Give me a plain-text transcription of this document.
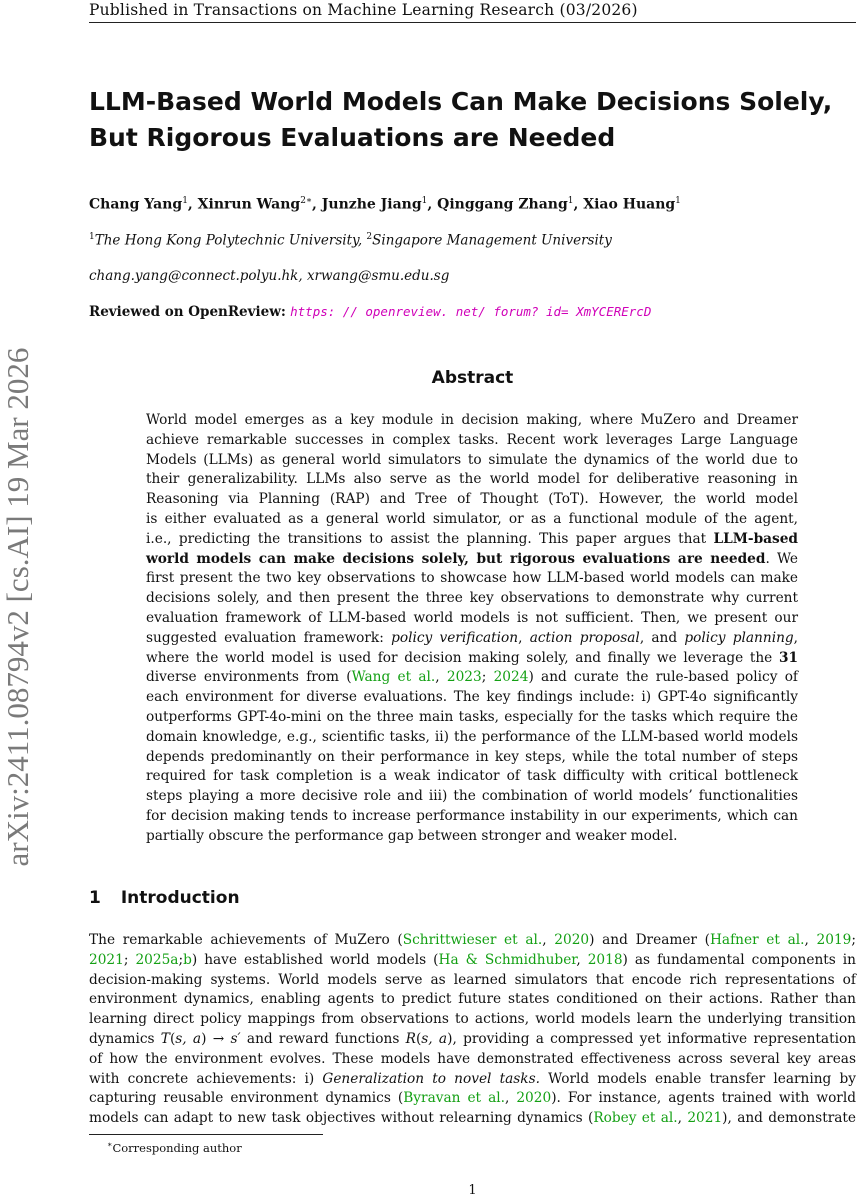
Published in Transactions on Machine Learning Research (03/2026)
arXiv:2411.08794v2 [cs.AI] 19 Mar 2026
LLM-Based World Models Can Make Decisions Solely,
But Rigorous Evaluations are Needed
Chang Yang$^1$, Xinrun Wang$^{2∗}$, Junzhe Jiang$^1$, Qinggang Zhang$^1$, Xiao Huang$^1$
$^1$The Hong Kong Polytechnic University, $^2$Singapore Management University
chang.yang@connect.polyu.hk, xrwang@smu.edu.sg
Reviewed on OpenReview: https: // openreview. net/ forum? id= XmYCERErcD
Abstract
World model emerges as a key module in decision making, where MuZero and Dreamer
achieve remarkable successes in complex tasks. Recent work leverages Large Language
Models (LLMs) as general world simulators to simulate the dynamics of the world due to
their generalizability. LLMs also serve as the world model for deliberative reasoning in
Reasoning via Planning (RAP) and Tree of Thought (ToT). However, the world model
is either evaluated as a general world simulator, or as a functional module of the agent,
i.e., predicting the transitions to assist the planning. This paper argues that LLM-based
world models can make decisions solely, but rigorous evaluations are needed. We
first present the two key observations to showcase how LLM-based world models can make
decisions solely, and then present the three key observations to demonstrate why current
evaluation framework of LLM-based world models is not sufficient. Then, we present our
suggested evaluation framework: policy verification, action proposal, and policy planning,
where the world model is used for decision making solely, and finally we leverage the 31
diverse environments from (Wang et al., 2023; 2024) and curate the rule-based policy of
each environment for diverse evaluations. The key findings include: i) GPT-4o significantly
outperforms GPT-4o-mini on the three main tasks, especially for the tasks which require the
domain knowledge, e.g., scientific tasks, ii) the performance of the LLM-based world models
depends predominantly on their performance in key steps, while the total number of steps
required for task completion is a weak indicator of task difficulty with critical bottleneck
steps playing a more decisive role and iii) the combination of world models’ functionalities
for decision making tends to increase performance instability in our experiments, which can
partially obscure the performance gap between stronger and weaker model.
1 Introduction
The remarkable achievements of MuZero (Schrittwieser et al., 2020) and Dreamer (Hafner et al., 2019;
2021; 2025a;b) have established world models (Ha & Schmidhuber, 2018) as fundamental components in
decision-making systems. World models serve as learned simulators that encode rich representations of
environment dynamics, enabling agents to predict future states conditioned on their actions. Rather than
learning direct policy mappings from observations to actions, world models learn the underlying transition
dynamics T(s, a) → s′ and reward functions R(s, a), providing a compressed yet informative representation
of how the environment evolves. These models have demonstrated effectiveness across several key areas
with concrete achievements: i) Generalization to novel tasks. World models enable transfer learning by
capturing reusable environment dynamics (Byravan et al., 2020). For instance, agents trained with world
models can adapt to new task objectives without relearning dynamics (Robey et al., 2021), and demonstrate
∗Corresponding author
1
